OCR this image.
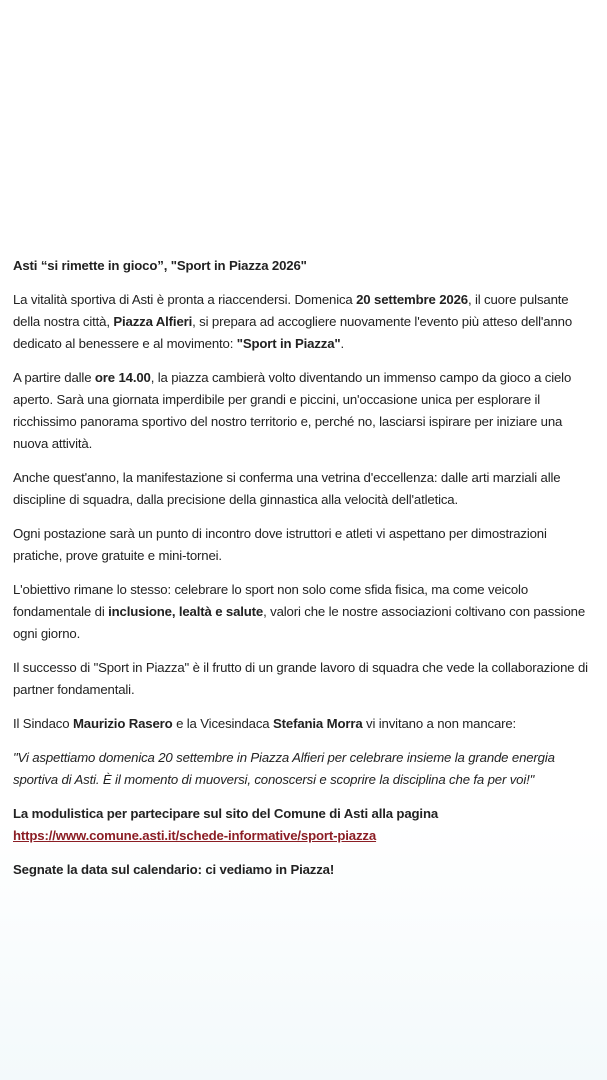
Asti “si rimette in gioco”, "Sport in Piazza 2026"

La vitalità sportiva di Asti è pronta a riaccendersi. Domenica 20 settembre 2026, il cuore pulsante della nostra città, Piazza Alfieri, si prepara ad accogliere nuovamente l'evento più atteso dell'anno dedicato al benessere e al movimento: "Sport in Piazza".

A partire dalle ore 14.00, la piazza cambierà volto diventando un immenso campo da gioco a cielo aperto. Sarà una giornata imperdibile per grandi e piccini, un'occasione unica per esplorare il ricchissimo panorama sportivo del nostro territorio e, perché no, lasciarsi ispirare per iniziare una nuova attività.

Anche quest'anno, la manifestazione si conferma una vetrina d'eccellenza: dalle arti marziali alle discipline di squadra, dalla precisione della ginnastica alla velocità dell'atletica.

Ogni postazione sarà un punto di incontro dove istruttori e atleti vi aspettano per dimostrazioni pratiche, prove gratuite e mini-tornei.

L'obiettivo rimane lo stesso: celebrare lo sport non solo come sfida fisica, ma come veicolo fondamentale di inclusione, lealtà e salute, valori che le nostre associazioni coltivano con passione ogni giorno.

Il successo di "Sport in Piazza" è il frutto di un grande lavoro di squadra che vede la collaborazione di partner fondamentali.

Il Sindaco Maurizio Rasero e la Vicesindaca Stefania Morra vi invitano a non mancare:

"Vi aspettiamo domenica 20 settembre in Piazza Alfieri per celebrare insieme la grande energia sportiva di Asti. È il momento di muoversi, conoscersi e scoprire la disciplina che fa per voi!"

La modulistica per partecipare sul sito del Comune di Asti alla pagina
https://www.comune.asti.it/schede-informative/sport-piazza

Segnate la data sul calendario: ci vediamo in Piazza!
